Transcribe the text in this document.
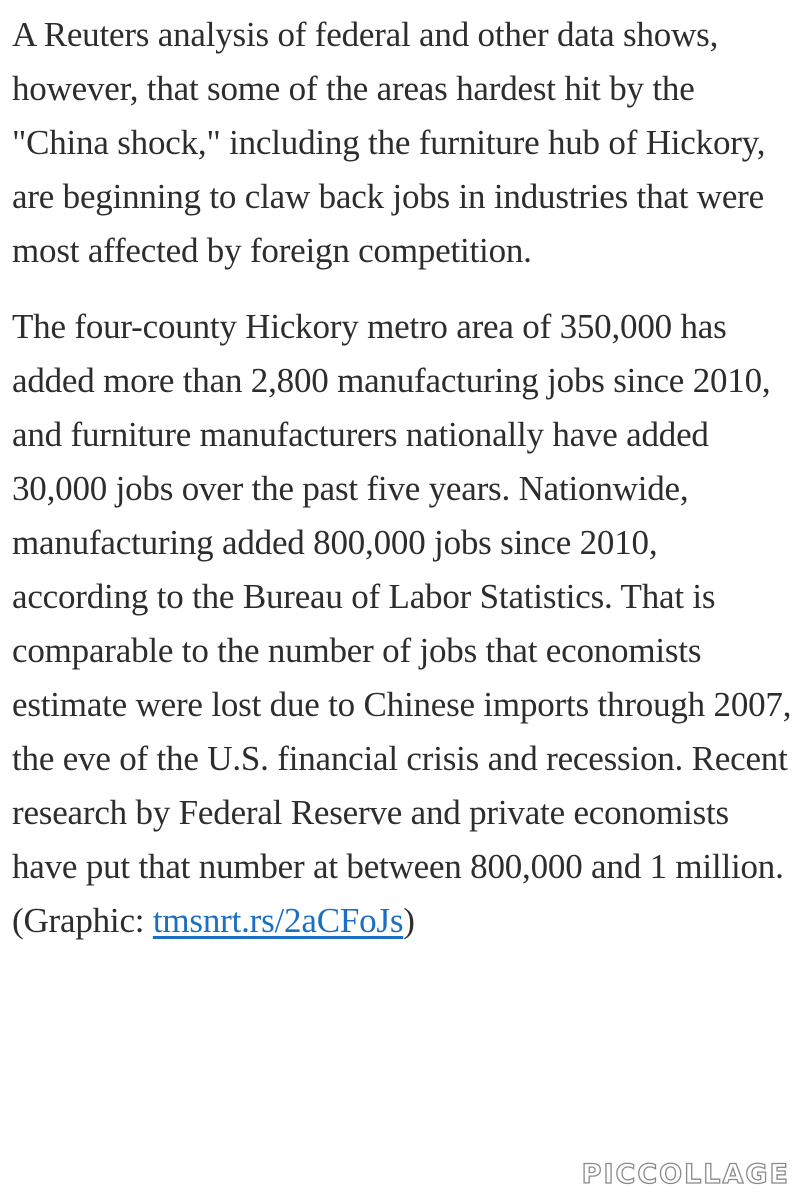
A Reuters analysis of federal and other data shows, however, that some of the areas hardest hit by the "China shock," including the furniture hub of Hickory, are beginning to claw back jobs in industries that were most affected by foreign competition.

The four-county Hickory metro area of 350,000 has added more than 2,800 manufacturing jobs since 2010, and furniture manufacturers nationally have added 30,000 jobs over the past five years. Nationwide, manufacturing added 800,000 jobs since 2010, according to the Bureau of Labor Statistics. That is comparable to the number of jobs that economists estimate were lost due to Chinese imports through 2007, the eve of the U.S. financial crisis and recession. Recent research by Federal Reserve and private economists have put that number at between 800,000 and 1 million. (Graphic: tmsnrt.rs/2aCFoJs)

PICCOLLAGE
